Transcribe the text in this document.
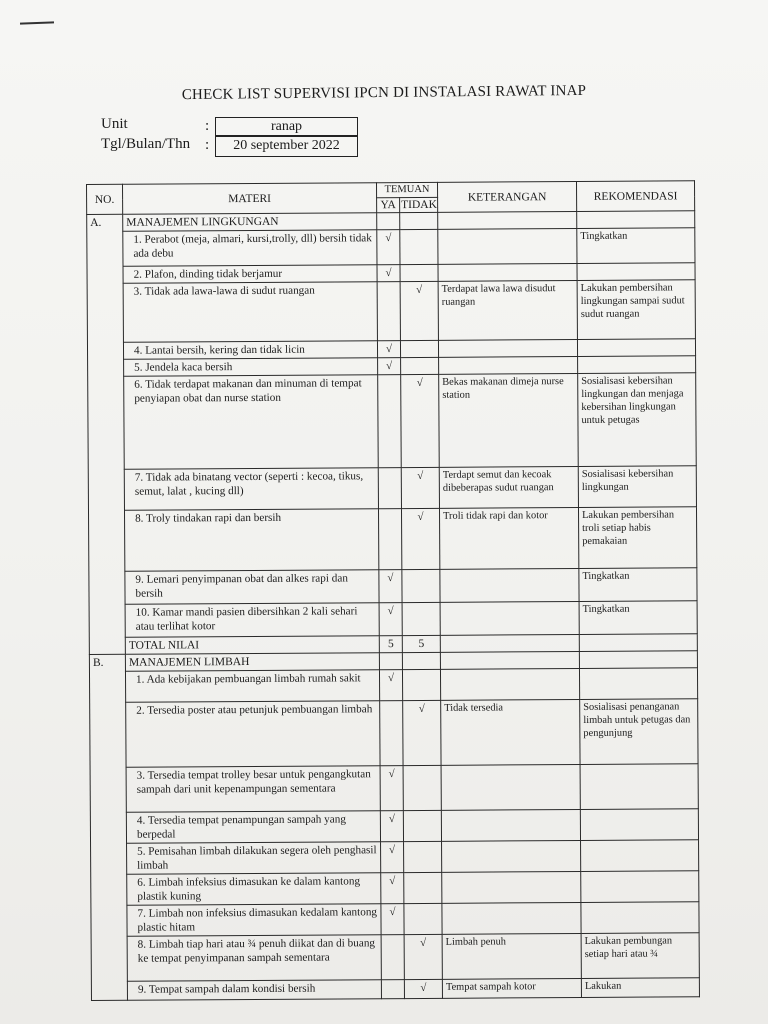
CHECK LIST SUPERVISI IPCN DI INSTALASI RAWAT INAP
Unit	:	ranap
Tgl/Bulan/Thn :	20 september 2022
NO.	MATERI	TEMUAN		KETERANGAN	REKOMENDASI
		YA	TIDAK		
A.	MANAJEMEN LINGKUNGAN				
	1. Perabot (meja, almari, kursi,trolly, dll) bersih tidak ada debu	√			Tingkatkan
	2. Plafon, dinding tidak berjamur	√			
	3. Tidak ada lawa-lawa di sudut ruangan		√	Terdapat lawa lawa disudut ruangan	Lakukan pembersihan lingkungan sampai sudut sudut ruangan
	4. Lantai bersih, kering dan tidak licin	√			
	5. Jendela kaca bersih	√			
	6. Tidak terdapat makanan dan minuman di tempat penyiapan obat dan nurse station		√	Bekas makanan dimeja nurse station	Sosialisasi kebersihan lingkungan dan menjaga kebersihan lingkungan untuk petugas
	7. Tidak ada binatang vector (seperti : kecoa, tikus, semut, lalat , kucing dll)		√	Terdapt semut dan kecoak dibeberapas sudut ruangan	Sosialisasi kebersihan lingkungan
	8. Troly tindakan rapi dan bersih		√	Troli tidak rapi dan kotor	Lakukan pembersihan troli setiap habis pemakaian
	9. Lemari penyimpanan obat dan alkes rapi dan bersih	√			Tingkatkan
	10. Kamar mandi pasien dibersihkan 2 kali sehari atau terlihat kotor	√			Tingkatkan
	TOTAL NILAI	5	5		
B.	MANAJEMEN LIMBAH				
	1. Ada kebijakan pembuangan limbah rumah sakit	√			
	2. Tersedia poster atau petunjuk pembuangan limbah		√	Tidak tersedia	Sosialisasi penanganan limbah untuk petugas dan pengunjung
	3. Tersedia tempat trolley besar untuk pengangkutan sampah dari unit kepenampungan sementara	√			
	4. Tersedia tempat penampungan sampah yang berpedal	√			
	5. Pemisahan limbah dilakukan segera oleh penghasil limbah	√			
	6. Limbah infeksius dimasukan ke dalam kantong plastik kuning	√			
	7. Limbah non infeksius dimasukan kedalam kantong plastic hitam	√			
	8. Limbah tiap hari atau ¾ penuh diikat dan di buang ke tempat penyimpanan sampah sementara		√	Limbah penuh	Lakukan pembungan setiap hari atau ¾
	9. Tempat sampah dalam kondisi bersih		√	Tempat sampah kotor	Lakukan
